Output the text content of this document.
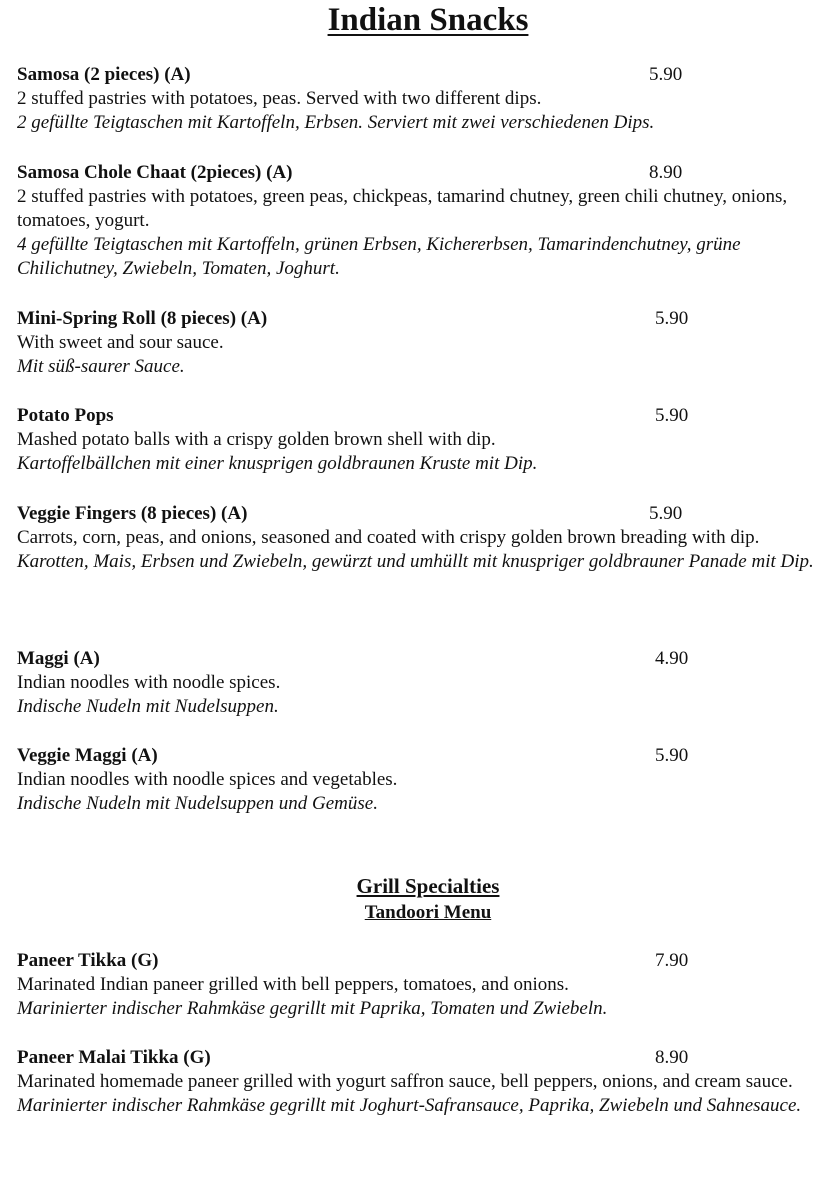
Indian Snacks
Samosa (2 pieces) (A)	5.90
2 stuffed pastries with potatoes, peas. Served with two different dips.
2 gefüllte Teigtaschen mit Kartoffeln, Erbsen. Serviert mit zwei verschiedenen Dips.
Samosa Chole Chaat (2pieces) (A)	8.90
2 stuffed pastries with potatoes, green peas, chickpeas, tamarind chutney, green chili chutney, onions, tomatoes, yogurt.
4 gefüllte Teigtaschen mit Kartoffeln, grünen Erbsen, Kichererbsen, Tamarindenchutney, grüne Chilichutney, Zwiebeln, Tomaten, Joghurt.
Mini-Spring Roll (8 pieces) (A)	5.90
With sweet and sour sauce.
Mit süß-saurer Sauce.
Potato Pops	5.90
Mashed potato balls with a crispy golden brown shell with dip.
Kartoffelbällchen mit einer knusprigen goldbraunen Kruste mit Dip.
Veggie Fingers (8 pieces) (A)	5.90
Carrots, corn, peas, and onions, seasoned and coated with crispy golden brown breading with dip.
Karotten, Mais, Erbsen und Zwiebeln, gewürzt und umhüllt mit knuspriger goldbrauner Panade mit Dip.
Maggi (A)	4.90
Indian noodles with noodle spices.
Indische Nudeln mit Nudelsuppen.
Veggie Maggi (A)	5.90
Indian noodles with noodle spices and vegetables.
Indische Nudeln mit Nudelsuppen und Gemüse.
Grill Specialties
Tandoori Menu
Paneer Tikka (G)	7.90
Marinated Indian paneer grilled with bell peppers, tomatoes, and onions.
Marinierter indischer Rahmkäse gegrillt mit Paprika, Tomaten und Zwiebeln.
Paneer Malai Tikka (G)	8.90
Marinated homemade paneer grilled with yogurt saffron sauce, bell peppers, onions, and cream sauce.
Marinierter indischer Rahmkäse gegrillt mit Joghurt-Safransauce, Paprika, Zwiebeln und Sahnesauce.
